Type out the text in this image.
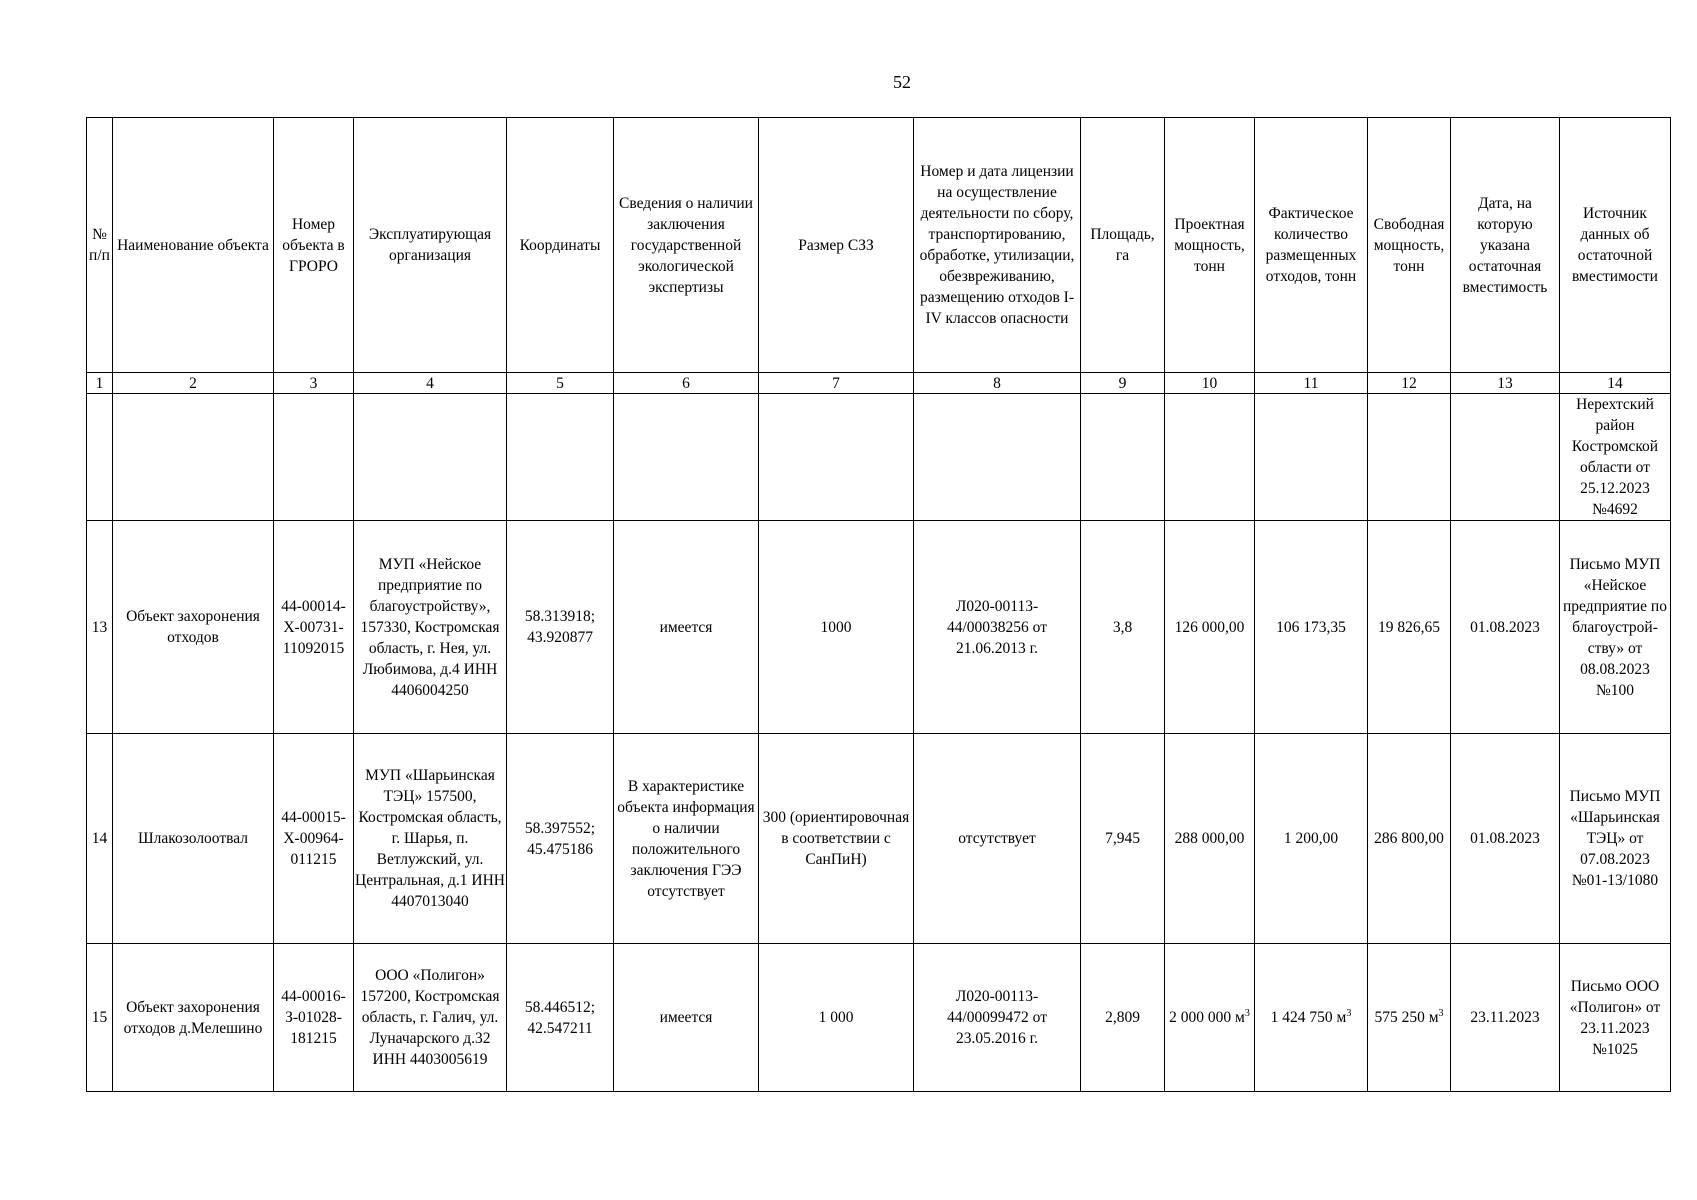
52
№ п/п	Наименование объекта	Номер объекта в ГРОРО	Эксплуатирующая организация	Координаты	Сведения о наличии заключения государственной экологической экспертизы	Размер СЗЗ	Номер и дата лицензии на осуществление деятельности по сбору, транспортированию, обработке, утилизации, обезвреживанию, размещению отходов I-IV классов опасности	Площадь, га	Проектная мощность, тонн	Фактическое количество размещенных отходов, тонн	Свободная мощность, тонн	Дата, на которую указана остаточная вместимость	Источник данных об остаточной вместимости
1	2	3	4	5	6	7	8	9	10	11	12	13	14
													Нерехтский район Костромской области от 25.12.2023 №4692
13	Объект захоронения отходов	44-00014-Х-00731-11092015	МУП «Нейское предприятие по благоустройству», 157330, Костромская область, г. Нея, ул. Любимова, д.4 ИНН 4406004250	58.313918; 43.920877	имеется	1000	Л020-00113-44/00038256 от 21.06.2013 г.	3,8	126 000,00	106 173,35	19 826,65	01.08.2023	Письмо МУП «Нейское предприятие по благоустрой-ству» от 08.08.2023 №100
14	Шлакозолоотвал	44-00015-Х-00964-011215	МУП «Шарьинская ТЭЦ» 157500, Костромская область, г. Шарья, п. Ветлужский, ул. Центральная, д.1 ИНН 4407013040	58.397552; 45.475186	В характеристике объекта информация о наличии положительного заключения ГЭЭ отсутствует	300 (ориентировочная в соответствии с СанПиН)	отсутствует	7,945	288 000,00	1 200,00	286 800,00	01.08.2023	Письмо МУП «Шарьинская ТЭЦ» от 07.08.2023 №01-13/1080
15	Объект захоронения отходов д.Мелешино	44-00016-З-01028-181215	ООО «Полигон» 157200, Костромская область, г. Галич, ул. Луначарского д.32 ИНН 4403005619	58.446512; 42.547211	имеется	1 000	Л020-00113-44/00099472 от 23.05.2016 г.	2,809	2 000 000 $м^3$	1 424 750 $м^3$	575 250 $м^3$	23.11.2023	Письмо ООО «Полигон» от 23.11.2023 №1025
